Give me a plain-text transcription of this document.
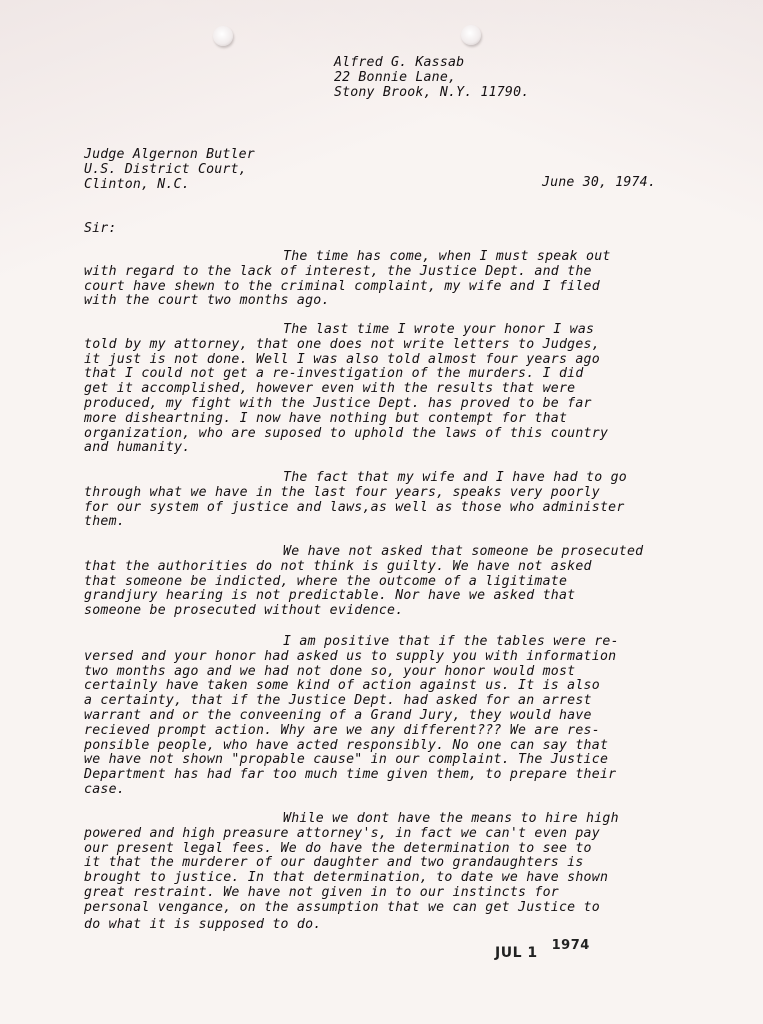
Alfred G. Kassab
22 Bonnie Lane,
Stony Brook, N.Y. 11790.
Judge Algernon Butler
U.S. District Court,
Clinton, N.C.	June 30, 1974.
Sir:
The time has come, when I must speak out
with regard to the lack of interest, the Justice Dept. and the
court have shewn to the criminal complaint, my wife and I filed
with the court two months ago.
The last time I wrote your honor I was
told by my attorney, that one does not write letters to Judges,
it just is not done. Well I was also told almost four years ago
that I could not get a re-investigation of the murders. I did
get it accomplished, however even with the results that were
produced, my fight with the Justice Dept. has proved to be far
more disheartning. I now have nothing but contempt for that
organization, who are suposed to uphold the laws of this country
and humanity.
The fact that my wife and I have had to go
through what we have in the last four years, speaks very poorly
for our system of justice and laws,as well as those who administer
them.
We have not asked that someone be prosecuted
that the authorities do not think is guilty. We have not asked
that someone be indicted, where the outcome of a ligitimate
grandjury hearing is not predictable. Nor have we asked that
someone be prosecuted without evidence.
I am positive that if the tables were re-
versed and your honor had asked us to supply you with information
two months ago and we had not done so, your honor would most
certainly have taken some kind of action against us. It is also
a certainty, that if the Justice Dept. had asked for an arrest
warrant and or the conveening of a Grand Jury, they would have
recieved prompt action. Why are we any different??? We are res-
ponsible people, who have acted responsibly. No one can say that
we have not shown "propable cause" in our complaint. The Justice
Department has had far too much time given them, to prepare their
case.
While we dont have the means to hire high
powered and high preasure attorney's, in fact we can't even pay
our present legal fees. We do have the determination to see to
it that the murderer of our daughter and two grandaughters is
brought to justice. In that determination, to date we have shown
great restraint. We have not given in to our instincts for
personal vengance, on the assumption that we can get Justice to
do what it is supposed to do.
JUL 1 1974
